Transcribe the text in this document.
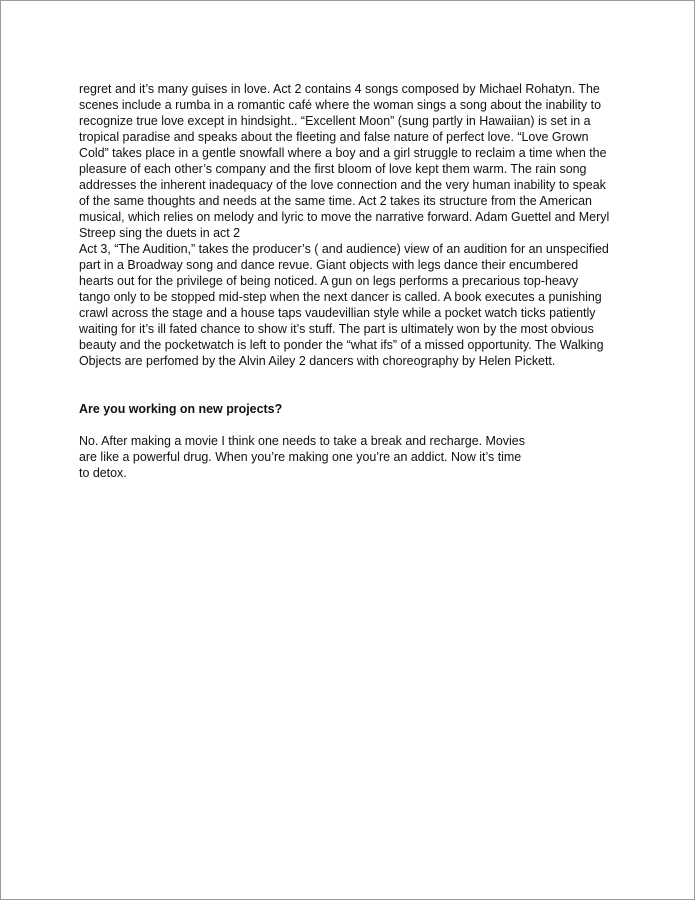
regret and it’s many guises in love. Act 2 contains 4 songs composed by Michael Rohatyn. The
scenes include a rumba in a romantic café where the woman sings a song about the inability to
recognize true love except in hindsight.. “Excellent Moon” (sung partly in Hawaiian) is set in a
tropical paradise and speaks about the fleeting and false nature of perfect love. “Love Grown
Cold” takes place in a gentle snowfall where a boy and a girl struggle to reclaim a time when the
pleasure of each other’s company and the first bloom of love kept them warm. The rain song
addresses the inherent inadequacy of the love connection and the very human inability to speak
of the same thoughts and needs at the same time. Act 2 takes its structure from the American
musical, which relies on melody and lyric to move the narrative forward. Adam Guettel and Meryl
Streep sing the duets in act 2
Act 3, “The Audition,” takes the producer’s ( and audience) view of an audition for an unspecified
part in a Broadway song and dance revue. Giant objects with legs dance their encumbered
hearts out for the privilege of being noticed. A gun on legs performs a precarious top-heavy
tango only to be stopped mid-step when the next dancer is called. A book executes a punishing
crawl across the stage and a house taps vaudevillian style while a pocket watch ticks patiently
waiting for it’s ill fated chance to show it’s stuff. The part is ultimately won by the most obvious
beauty and the pocketwatch is left to ponder the “what ifs” of a missed opportunity. The Walking
Objects are perfomed by the Alvin Ailey 2 dancers with choreography by Helen Pickett.
Are you working on new projects?
No. After making a movie I think one needs to take a break and recharge. Movies
are like a powerful drug. When you’re making one you’re an addict. Now it’s time
to detox.
